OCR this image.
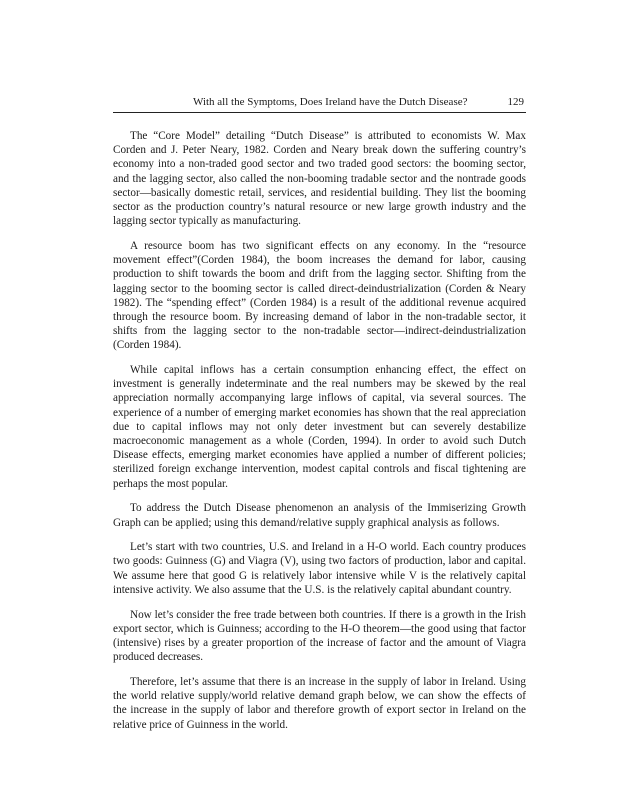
With all the Symptoms, Does Ireland have the Dutch Disease?	129

The “Core Model” detailing “Dutch Disease” is attributed to economists W. Max Corden and J. Peter Neary, 1982. Corden and Neary break down the suffering country’s economy into a non-traded good sector and two traded good sectors: the booming sector, and the lagging sector, also called the non-booming tradable sector and the nontrade goods sector—basically domestic retail, services, and residential building. They list the booming sector as the production country’s natural resource or new large growth industry and the lagging sector typically as manufacturing.

A resource boom has two significant effects on any economy. In the “resource movement effect”(Corden 1984), the boom increases the demand for labor, causing production to shift towards the boom and drift from the lagging sector. Shifting from the lagging sector to the booming sector is called direct-deindustrialization (Corden & Neary 1982). The “spending effect” (Corden 1984) is a result of the additional revenue acquired through the resource boom. By increasing demand of labor in the non-tradable sector, it shifts from the lagging sector to the non-tradable sector—indirect-deindustrialization (Corden 1984).

While capital inflows has a certain consumption enhancing effect, the effect on investment is generally indeterminate and the real numbers may be skewed by the real appreciation normally accompanying large inflows of capital, via several sources. The experience of a number of emerging market economies has shown that the real appreciation due to capital inflows may not only deter investment but can severely destabilize macroeconomic management as a whole (Corden, 1994). In order to avoid such Dutch Disease effects, emerging market economies have applied a number of different policies; sterilized foreign exchange intervention, modest capital controls and fiscal tightening are perhaps the most popular.

To address the Dutch Disease phenomenon an analysis of the Immiserizing Growth Graph can be applied; using this demand/relative supply graphical analysis as follows.

Let’s start with two countries, U.S. and Ireland in a H-O world. Each country produces two goods: Guinness (G) and Viagra (V), using two factors of production, labor and capital. We assume here that good G is relatively labor intensive while V is the relatively capital intensive activity. We also assume that the U.S. is the relatively capital abundant country.

Now let’s consider the free trade between both countries. If there is a growth in the Irish export sector, which is Guinness; according to the H-O theorem—the good using that factor (intensive) rises by a greater proportion of the increase of factor and the amount of Viagra produced decreases.

Therefore, let’s assume that there is an increase in the supply of labor in Ireland. Using the world relative supply/world relative demand graph below, we can show the effects of the increase in the supply of labor and therefore growth of export sector in Ireland on the relative price of Guinness in the world.
